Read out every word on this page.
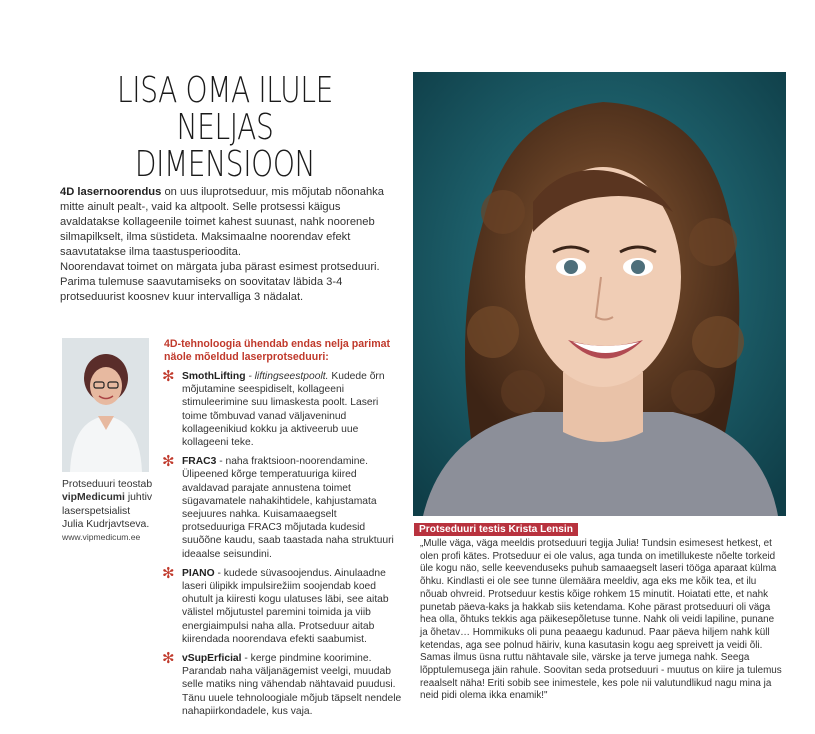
LISA OMA ILULE
NELJAS
DIMENSIOON

4D lasernoorendus on uus iluprotseduur, mis mõjutab nõonahka mitte ainult pealt-, vaid ka altpoolt. Selle protsessi käigus avaldatakse kollageenile toimet kahest suunast, nahk nooreneb silmapilkselt, ilma süstideta. Maksimaalne noorendav efekt saavutatakse ilma taastusperioodita.

Noorendavat toimet on märgata juba pärast esimest protseduuri. Parima tulemuse saavutamiseks on soovitatav läbida 3-4 protseduurist koosnev kuur intervalliga 3 nädalat.

Protseduuri teostab
vipMedicumi juhtiv laserspetsialist Julia Kudrjavtseva.
www.vipmedicum.ee
4D-tehnoloogia ühendab endas nelja parimat näole mõeldud laserprotseduuri:
✻ SmothLifting - liftingseestpoolt. Kudede õrn mõjutamine seespidiselt, kollageeni stimuleerimine suu limaskesta poolt. Laseri toime tõmbuvad vanad väljaveninud kollageenikiud kokku ja aktiveerub uue kollageeni teke.
✻ FRAC3 - naha fraktsioon-noorendamine. Ülipeened kõrge temperatuuriga kiired avaldavad parajate annustena toimet sügavamatele nahakihtidele, kahjustamata seejuures nahka. Kuisamaaegselt protseduuriga FRAC3 mõjutada kudesid suuõõne kaudu, saab taastada naha struktuuri ideaalse seisundini.
✻ PIANO - kudede süvasoojendus. Ainulaadne laseri ülipikk impulsirežiim soojendab koed ohutult ja kiiresti kogu ulatuses läbi, see aitab välistel mõjutustel paremini toimida ja viib energiaimpulsi naha alla. Protseduur aitab kiirendada noorendava efekti saabumist.
✻ vSupErficial - kerge pindmine koorimine. Parandab naha väljanägemist veelgi, muudab selle matiks ning vähendab nähtavaid puudusi. Tänu uuele tehnoloogiale mõjub täpselt nendele nahapiirkondadele, kus vaja.
Protseduuri testis Krista Lensin
„Mulle väga, väga meeldis protseduuri tegija Julia! Tundsin esimesest hetkest, et olen profi kätes. Protseduur ei ole valus, aga tunda on imetillukeste nõelte torkeid üle kogu näo, selle keevenduseks puhub samaaegselt laseri tööga aparaat külma õhku. Kindlasti ei ole see tunne ülemäära meeldiv, aga eks me kõik tea, et ilu nõuab ohvreid. Protseduur kestis kõige rohkem 15 minutit. Hoiatati ette, et nahk punetab päeva-kaks ja hakkab siis ketendama. Kohe pärast protseduuri oli väga hea olla, õhtuks tekkis aga päikesepõletuse tunne. Nahk oli veidi lapiline, punane ja õhetav… Hommikuks oli puna peaaegu kadunud. Paar päeva hiljem nahk küll ketendas, aga see polnud häiriv, kuna kasutasin kogu aeg spreivett ja veidi õli. Samas ilmus üsna ruttu nähtavale sile, värske ja terve jumega nahk. Seega lõpptulemusega jäin rahule. Soovitan seda protseduuri - muutus on kiire ja tulemus reaalselt näha! Eriti sobib see inimestele, kes pole nii valutundlikud nagu mina ja neid pidi olema ikka enamik!"
